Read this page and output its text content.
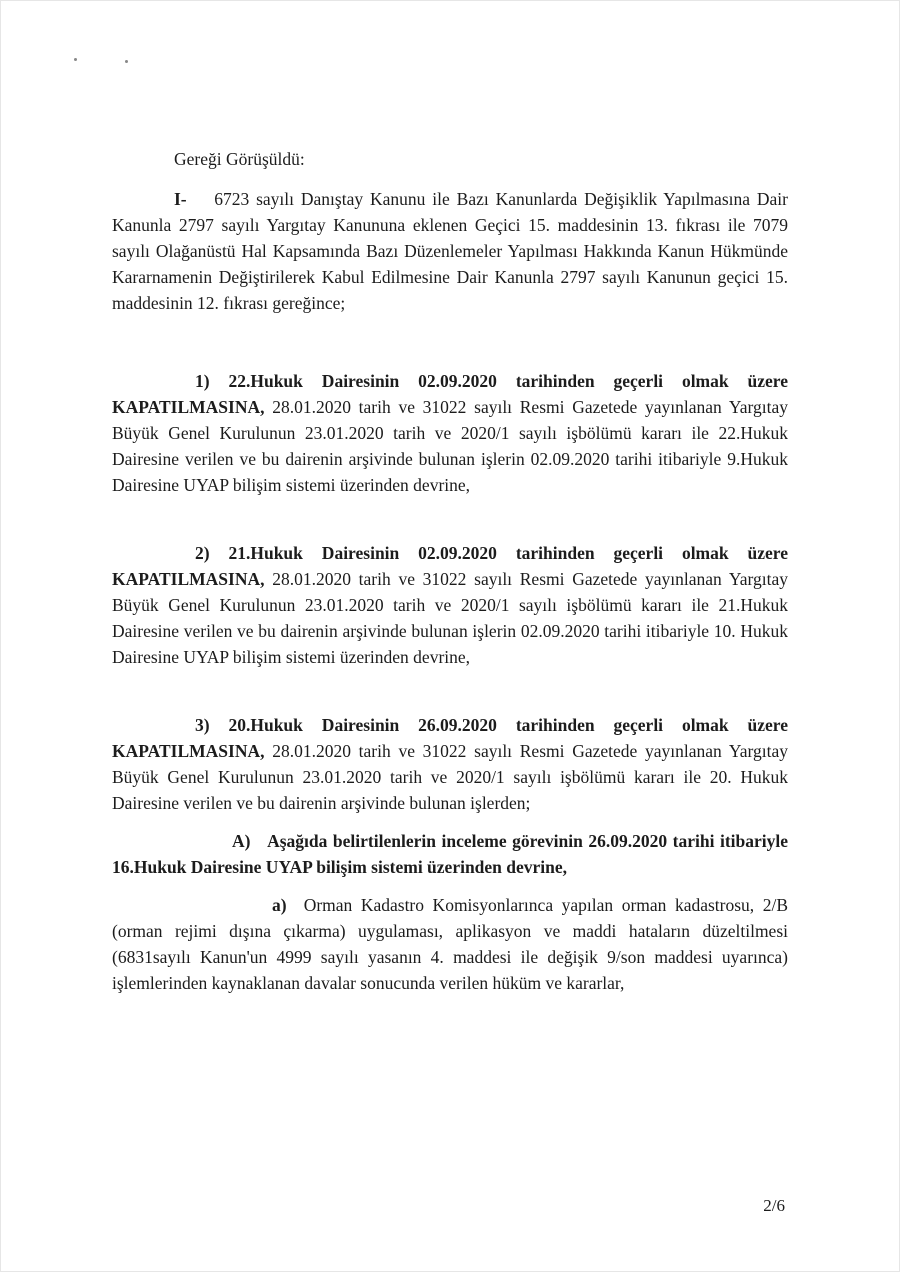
Gereği Görüşüldü:

I- 6723 sayılı Danıştay Kanunu ile Bazı Kanunlarda Değişiklik Yapılmasına Dair Kanunla 2797 sayılı Yargıtay Kanununa eklenen Geçici 15. maddesinin 13. fıkrası ile 7079 sayılı Olağanüstü Hal Kapsamında Bazı Düzenlemeler Yapılması Hakkında Kanun Hükmünde Kararnamenin Değiştirilerek Kabul Edilmesine Dair Kanunla 2797 sayılı Kanunun geçici 15. maddesinin 12. fıkrası gereğince;

1) 22.Hukuk Dairesinin 02.09.2020 tarihinden geçerli olmak üzere KAPATILMASINA, 28.01.2020 tarih ve 31022 sayılı Resmi Gazetede yayınlanan Yargıtay Büyük Genel Kurulunun 23.01.2020 tarih ve 2020/1 sayılı işbölümü kararı ile 22.Hukuk Dairesine verilen ve bu dairenin arşivinde bulunan işlerin 02.09.2020 tarihi itibariyle 9.Hukuk Dairesine UYAP bilişim sistemi üzerinden devrine,

2) 21.Hukuk Dairesinin 02.09.2020 tarihinden geçerli olmak üzere KAPATILMASINA, 28.01.2020 tarih ve 31022 sayılı Resmi Gazetede yayınlanan Yargıtay Büyük Genel Kurulunun 23.01.2020 tarih ve 2020/1 sayılı işbölümü kararı ile 21.Hukuk Dairesine verilen ve bu dairenin arşivinde bulunan işlerin 02.09.2020 tarihi itibariyle 10. Hukuk Dairesine UYAP bilişim sistemi üzerinden devrine,

3) 20.Hukuk Dairesinin 26.09.2020 tarihinden geçerli olmak üzere KAPATILMASINA, 28.01.2020 tarih ve 31022 sayılı Resmi Gazetede yayınlanan Yargıtay Büyük Genel Kurulunun 23.01.2020 tarih ve 2020/1 sayılı işbölümü kararı ile 20. Hukuk Dairesine verilen ve bu dairenin arşivinde bulunan işlerden;

A) Aşağıda belirtilenlerin inceleme görevinin 26.09.2020 tarihi itibariyle 16.Hukuk Dairesine UYAP bilişim sistemi üzerinden devrine,

a) Orman Kadastro Komisyonlarınca yapılan orman kadastrosu, 2/B (orman rejimi dışına çıkarma) uygulaması, aplikasyon ve maddi hataların düzeltilmesi (6831sayılı Kanun'un 4999 sayılı yasanın 4. maddesi ile değişik 9/son maddesi uyarınca) işlemlerinden kaynaklanan davalar sonucunda verilen hüküm ve kararlar,

2/6
